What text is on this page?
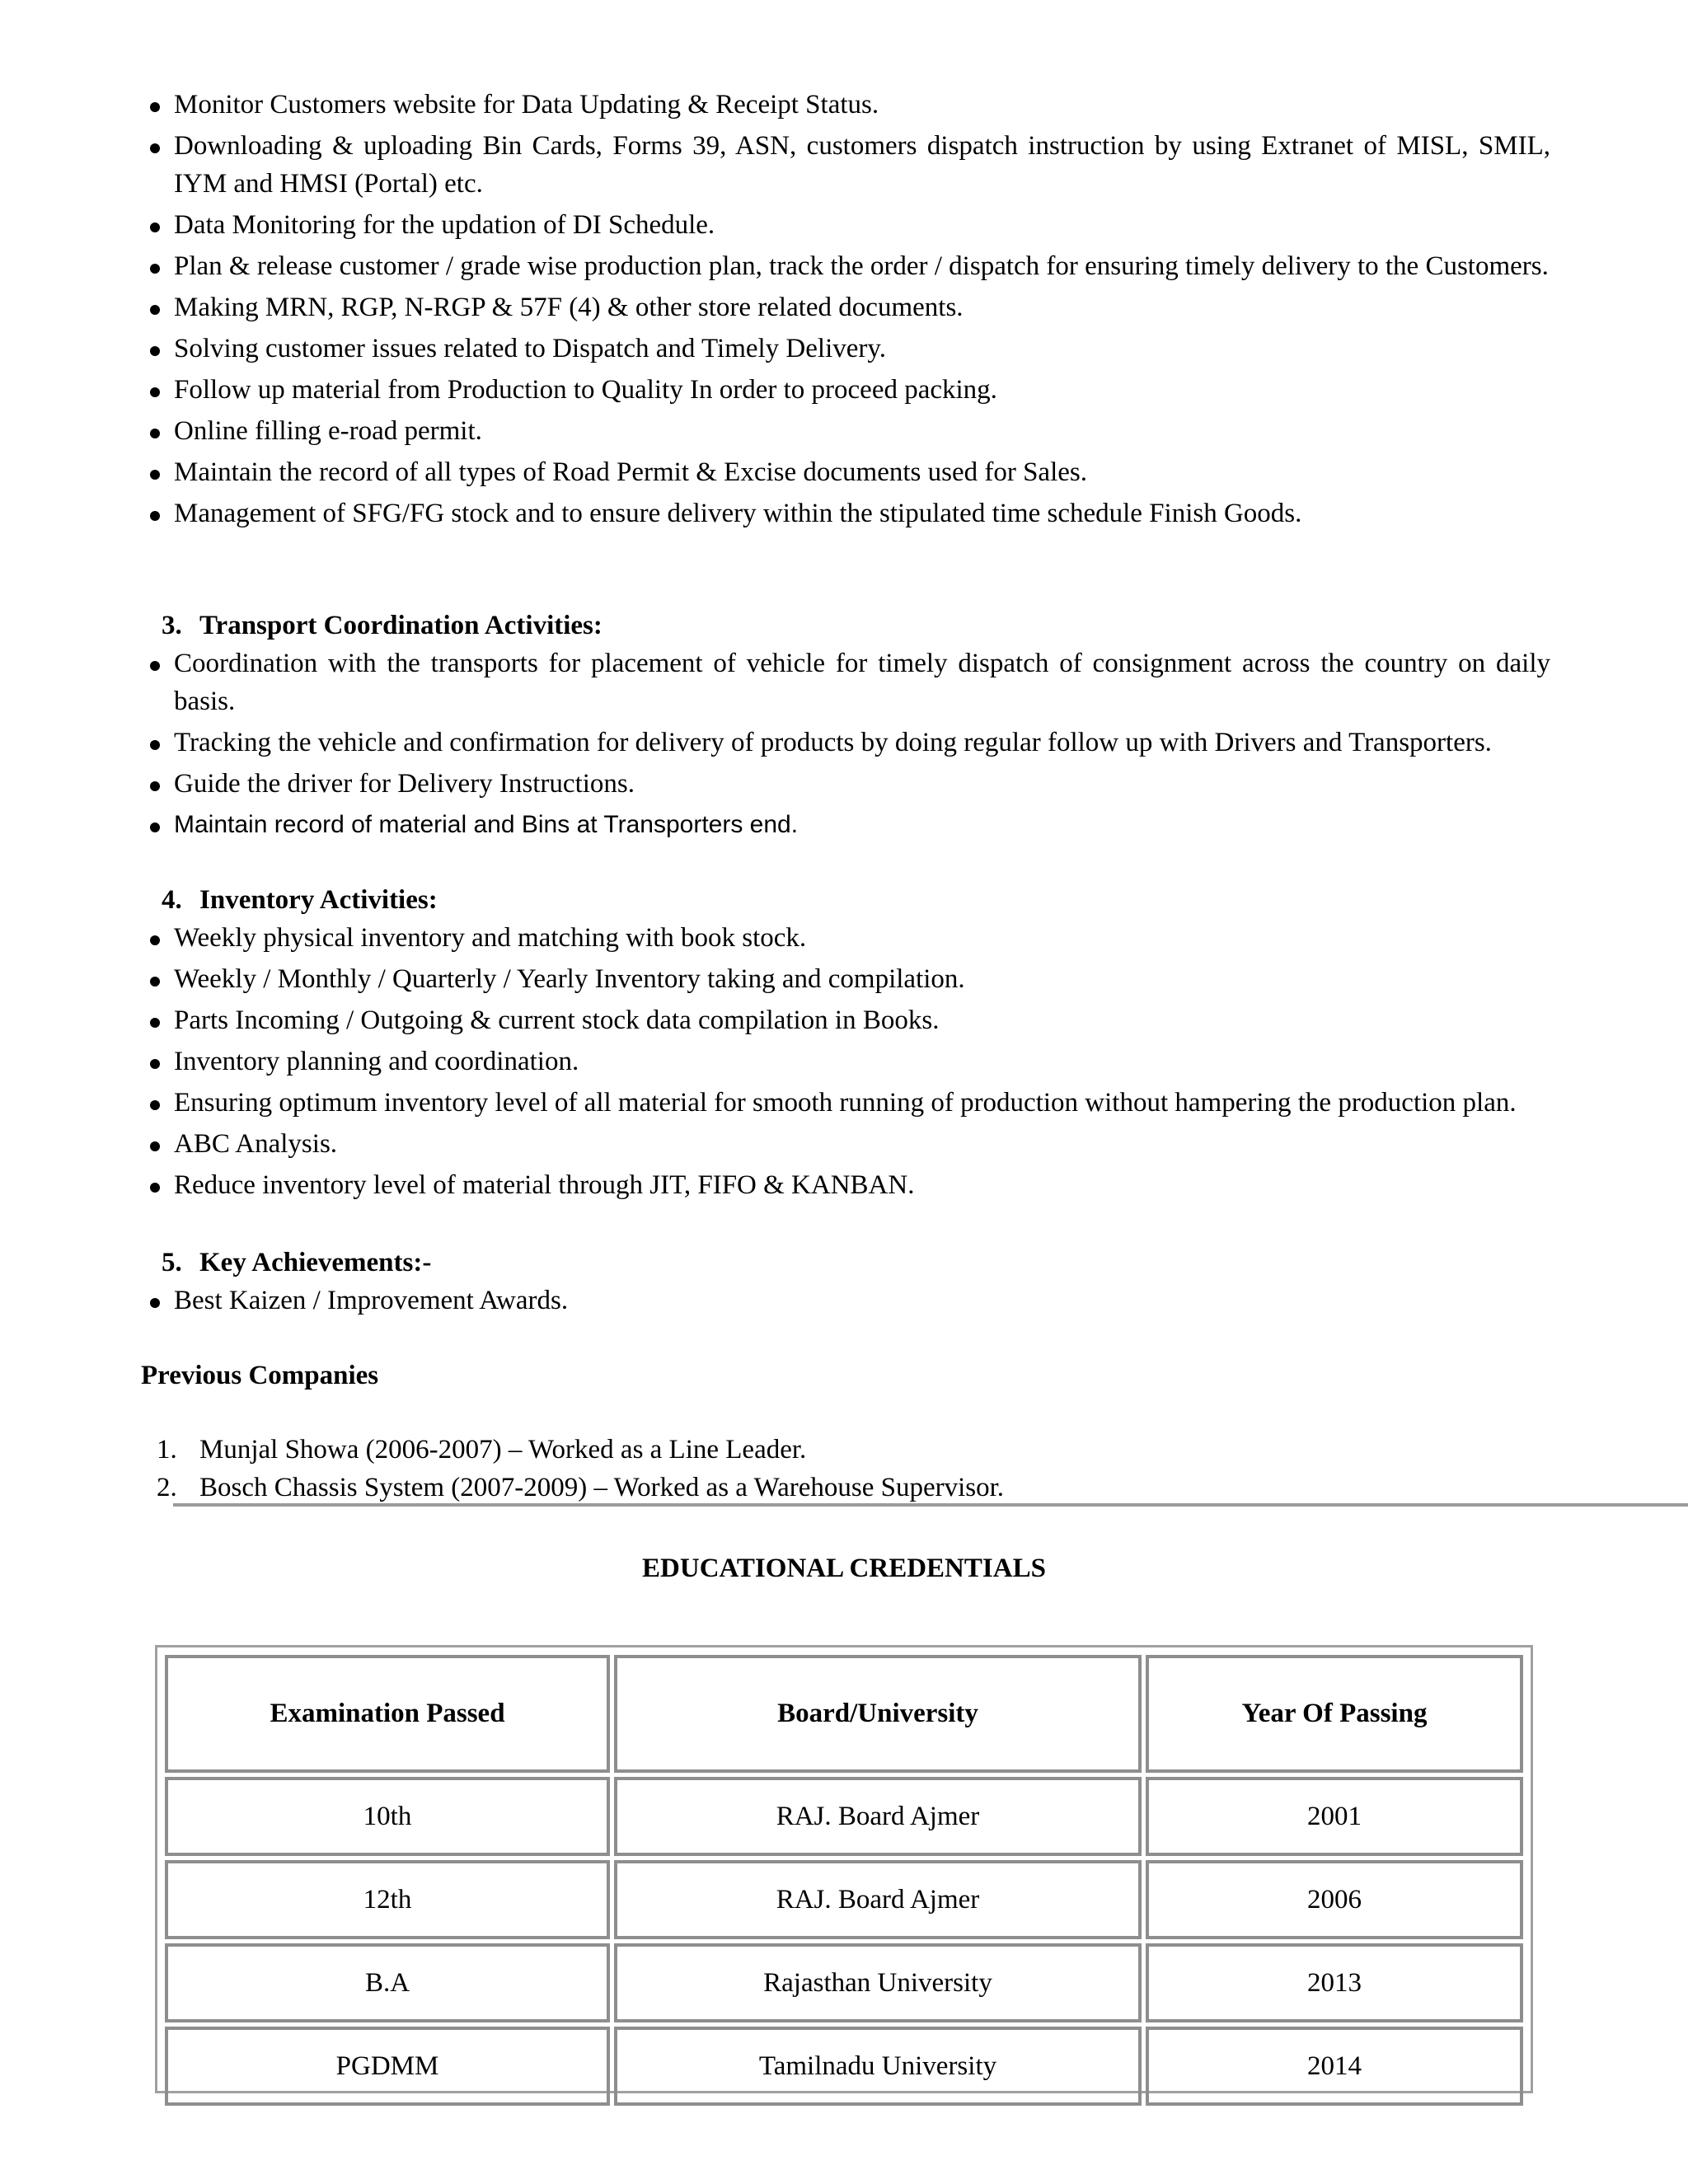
Monitor Customers website for Data Updating & Receipt Status.
Downloading & uploading Bin Cards, Forms 39, ASN, customers dispatch instruction by using Extranet of MISL, SMIL, IYM and HMSI (Portal) etc.
Data Monitoring for the updation of DI Schedule.
Plan & release customer / grade wise production plan, track the order / dispatch for ensuring timely delivery to the Customers.
Making MRN, RGP, N-RGP & 57F (4) & other store related documents.
Solving customer issues related to Dispatch and Timely Delivery.
Follow up material from Production to Quality In order to proceed packing.
Online filling e-road permit.
Maintain the record of all types of Road Permit & Excise documents used for Sales.
Management of SFG/FG stock and to ensure delivery within the stipulated time schedule Finish Goods.
3. Transport Coordination Activities:
Coordination with the transports for placement of vehicle for timely dispatch of consignment across the country on daily basis.
Tracking the vehicle and confirmation for delivery of products by doing regular follow up with Drivers and Transporters.
Guide the driver for Delivery Instructions.
Maintain record of material and Bins at Transporters end.
4. Inventory Activities:
Weekly physical inventory and matching with book stock.
Weekly / Monthly / Quarterly / Yearly Inventory taking and compilation.
Parts Incoming / Outgoing & current stock data compilation in Books.
Inventory planning and coordination.
Ensuring optimum inventory level of all material for smooth running of production without hampering the production plan.
ABC Analysis.
Reduce inventory level of material through JIT, FIFO & KANBAN.
5. Key Achievements:-
Best Kaizen / Improvement Awards.
Previous Companies
1. Munjal Showa (2006-2007) – Worked as a Line Leader.
2. Bosch Chassis System (2007-2009) – Worked as a Warehouse Supervisor.
EDUCATIONAL CREDENTIALS
Examination Passed	Board/University	Year Of Passing
10th	RAJ. Board Ajmer	2001
12th	RAJ. Board Ajmer	2006
B.A	Rajasthan University	2013
PGDMM	Tamilnadu University	2014
